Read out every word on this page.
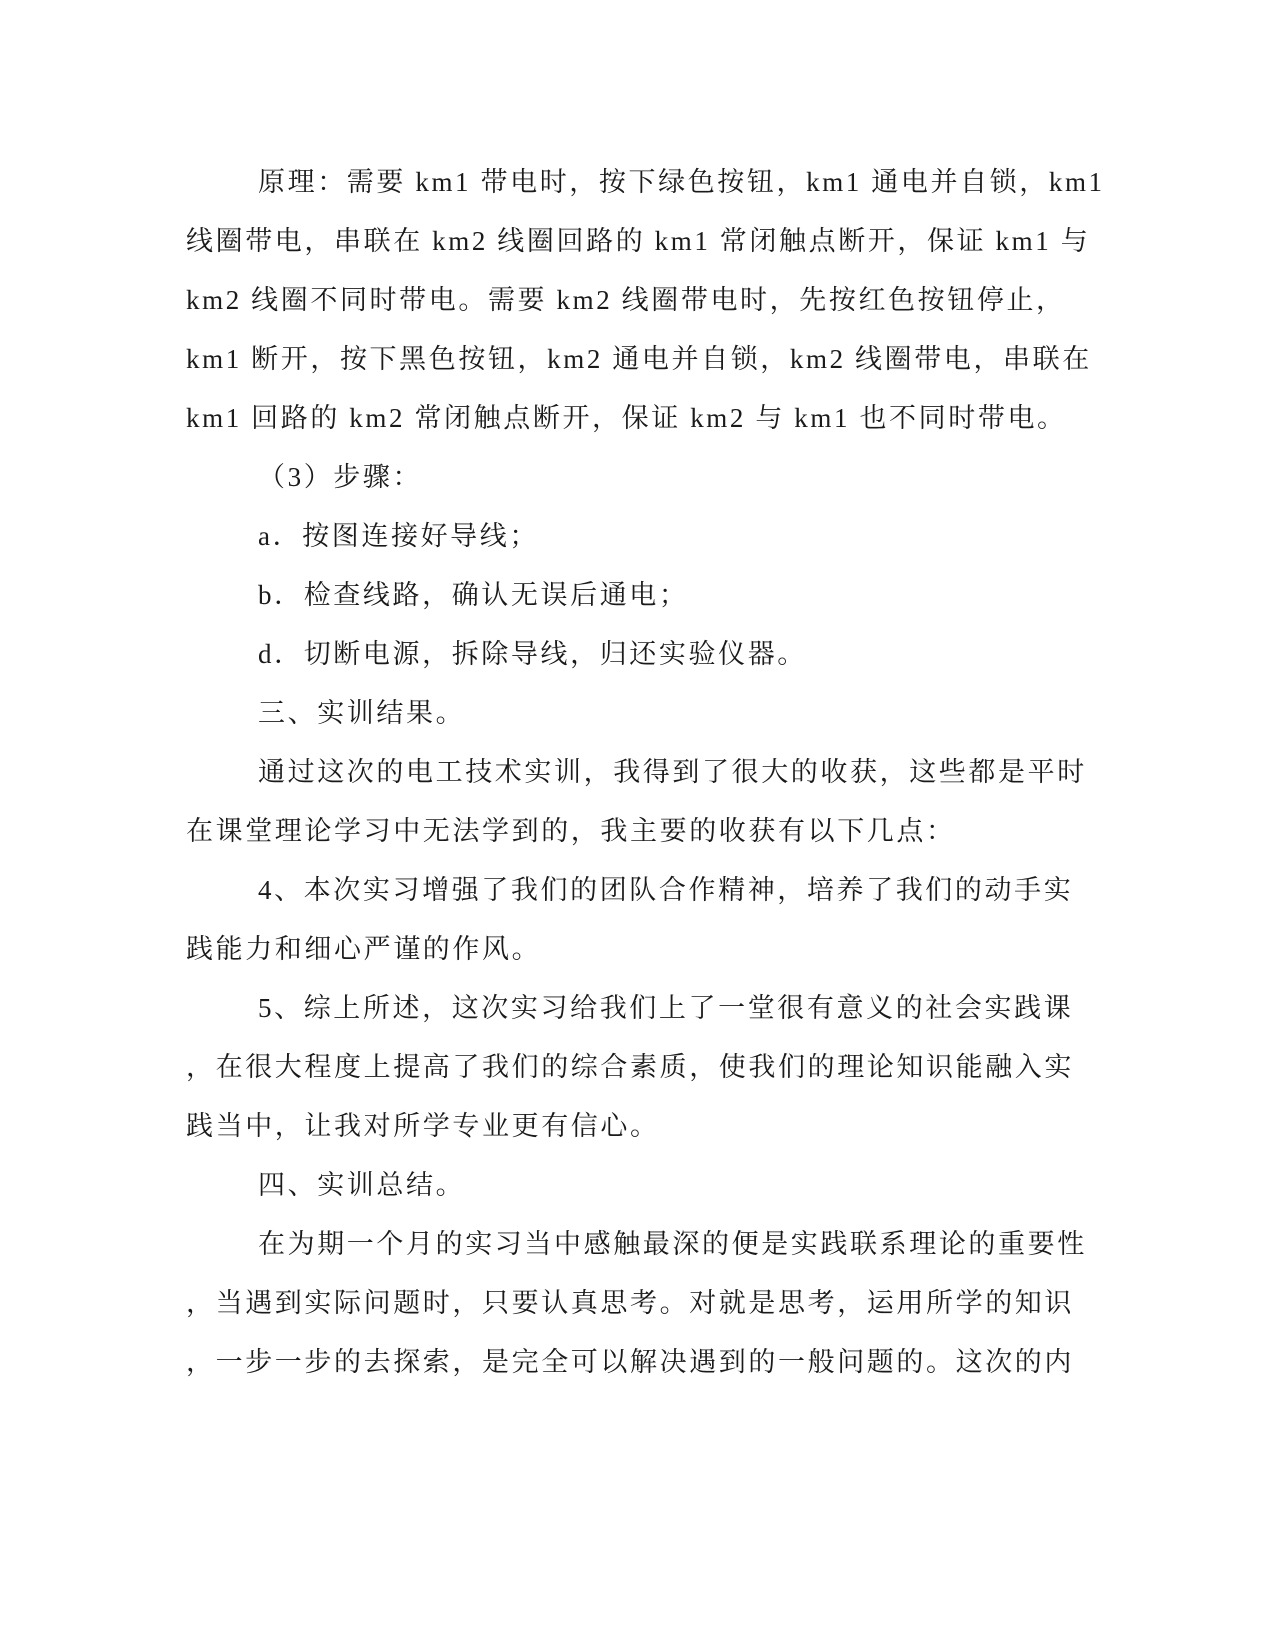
原理：需要 km1 带电时，按下绿色按钮，km1 通电并自锁，km1
线圈带电，串联在 km2 线圈回路的 km1 常闭触点断开，保证 km1 与
km2 线圈不同时带电。需要 km2 线圈带电时，先按红色按钮停止，
km1 断开，按下黑色按钮，km2 通电并自锁，km2 线圈带电，串联在
km1 回路的 km2 常闭触点断开，保证 km2 与 km1 也不同时带电。
（3）步骤：
a．按图连接好导线；
b．检查线路，确认无误后通电；
d．切断电源，拆除导线，归还实验仪器。
三、实训结果。
通过这次的电工技术实训，我得到了很大的收获，这些都是平时
在课堂理论学习中无法学到的，我主要的收获有以下几点：
4、本次实习增强了我们的团队合作精神，培养了我们的动手实
践能力和细心严谨的作风。
5、综上所述，这次实习给我们上了一堂很有意义的社会实践课
，在很大程度上提高了我们的综合素质，使我们的理论知识能融入实
践当中，让我对所学专业更有信心。
四、实训总结。
在为期一个月的实习当中感触最深的便是实践联系理论的重要性
，当遇到实际问题时，只要认真思考。对就是思考，运用所学的知识
，一步一步的去探索，是完全可以解决遇到的一般问题的。这次的内
